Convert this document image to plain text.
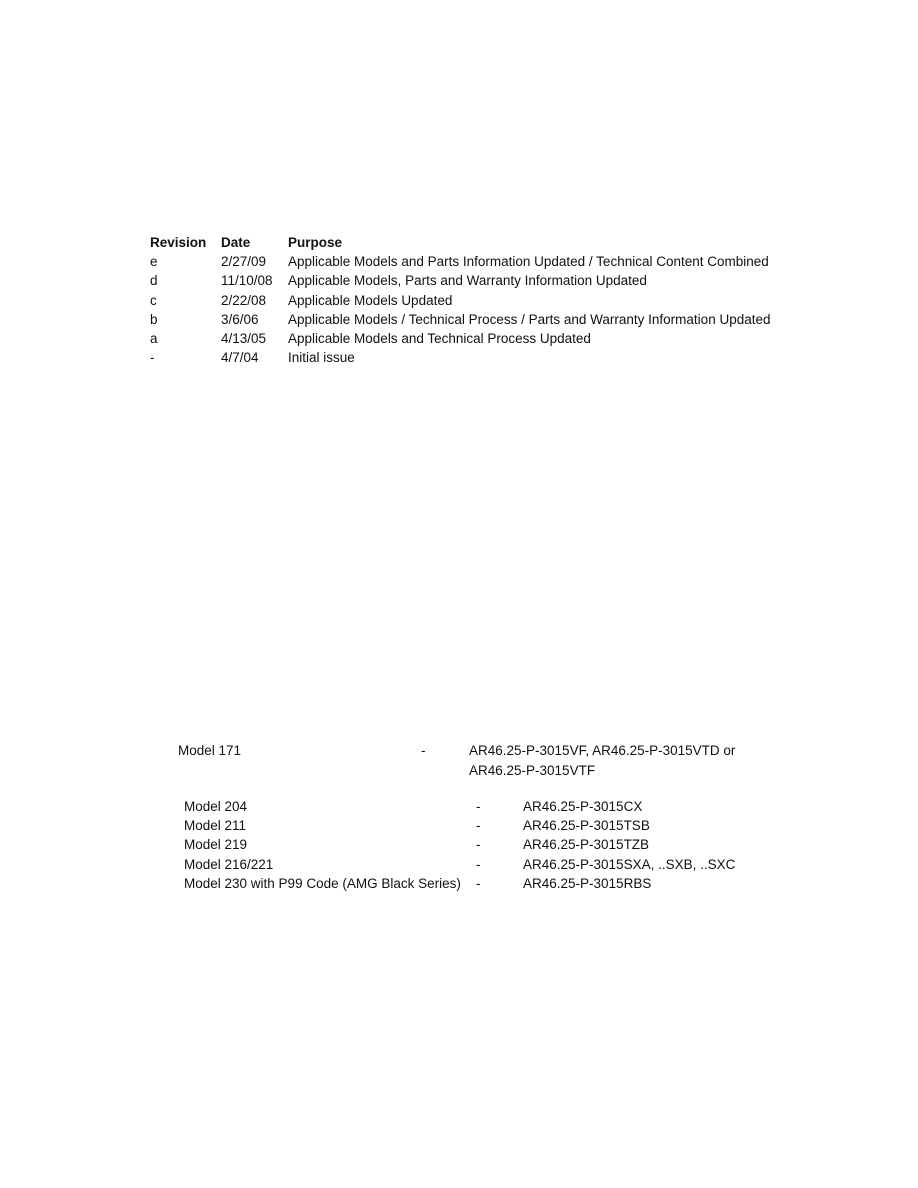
Revision	Date	Purpose
e	2/27/09	Applicable Models and Parts Information Updated / Technical Content Combined
d	11/10/08	Applicable Models, Parts and Warranty Information Updated
c	2/22/08	Applicable Models Updated
b	3/6/06	Applicable Models / Technical Process / Parts and Warranty Information Updated
a	4/13/05	Applicable Models and Technical Process Updated
-	4/7/04	Initial issue
Model 171	-	AR46.25-P-3015VF, AR46.25-P-3015VTD or
AR46.25-P-3015VTF
Model 204	-	AR46.25-P-3015CX
Model 211	-	AR46.25-P-3015TSB
Model 219	-	AR46.25-P-3015TZB
Model 216/221	-	AR46.25-P-3015SXA, ..SXB, ..SXC
Model 230 with P99 Code (AMG Black Series)	-	AR46.25-P-3015RBS
